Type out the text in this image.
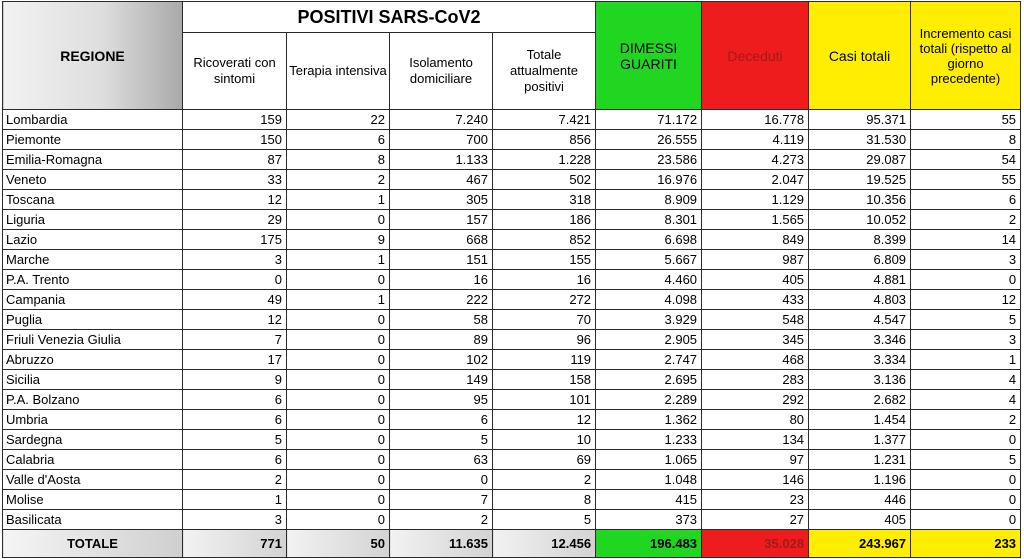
REGIONE	POSITIVI SARS-CoV2				DIMESSI GUARITI	Deceduti	Casi totali	Incremento casi totali (rispetto al giorno precedente)
	Ricoverati con sintomi	Terapia intensiva	Isolamento domiciliare	Totale attualmente positivi				
Lombardia	159	22	7.240	7.421	71.172	16.778	95.371	55
Piemonte	150	6	700	856	26.555	4.119	31.530	8
Emilia-Romagna	87	8	1.133	1.228	23.586	4.273	29.087	54
Veneto	33	2	467	502	16.976	2.047	19.525	55
Toscana	12	1	305	318	8.909	1.129	10.356	6
Liguria	29	0	157	186	8.301	1.565	10.052	2
Lazio	175	9	668	852	6.698	849	8.399	14
Marche	3	1	151	155	5.667	987	6.809	3
P.A. Trento	0	0	16	16	4.460	405	4.881	0
Campania	49	1	222	272	4.098	433	4.803	12
Puglia	12	0	58	70	3.929	548	4.547	5
Friuli Venezia Giulia	7	0	89	96	2.905	345	3.346	3
Abruzzo	17	0	102	119	2.747	468	3.334	1
Sicilia	9	0	149	158	2.695	283	3.136	4
P.A. Bolzano	6	0	95	101	2.289	292	2.682	4
Umbria	6	0	6	12	1.362	80	1.454	2
Sardegna	5	0	5	10	1.233	134	1.377	0
Calabria	6	0	63	69	1.065	97	1.231	5
Valle d'Aosta	2	0	0	2	1.048	146	1.196	0
Molise	1	0	7	8	415	23	446	0
Basilicata	3	0	2	5	373	27	405	0
TOTALE	771	50	11.635	12.456	196.483	35.028	243.967	233
